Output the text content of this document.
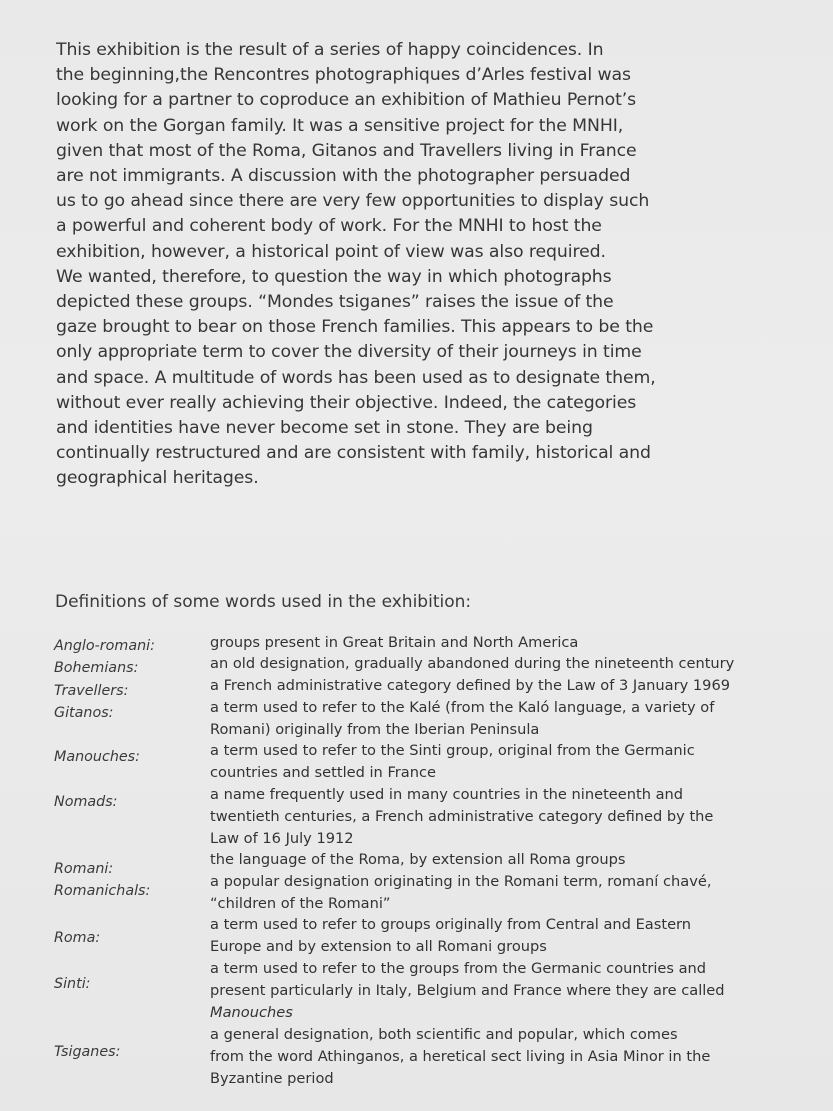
This exhibition is the result of a series of happy coincidences. In
the beginning,the Rencontres photographiques d’Arles festival was
looking for a partner to coproduce an exhibition of Mathieu Pernot’s
work on the Gorgan family. It was a sensitive project for the MNHI,
given that most of the Roma, Gitanos and Travellers living in France
are not immigrants. A discussion with the photographer persuaded
us to go ahead since there are very few opportunities to display such
a powerful and coherent body of work. For the MNHI to host the
exhibition, however, a historical point of view was also required.
We wanted, therefore, to question the way in which photographs
depicted these groups. “Mondes tsiganes” raises the issue of the
gaze brought to bear on those French families. This appears to be the
only appropriate term to cover the diversity of their journeys in time
and space. A multitude of words has been used as to designate them,
without ever really achieving their objective. Indeed, the categories
and identities have never become set in stone. They are being
continually restructured and are consistent with family, historical and
geographical heritages.
Definitions of some words used in the exhibition:
Anglo-romani:	groups present in Great Britain and North America
Bohemians:	an old designation, gradually abandoned during the nineteenth century
Travellers:	a French administrative category defined by the Law of 3 January 1969
Gitanos:	a term used to refer to the Kalé (from the Kaló language, a variety of
Romani) originally from the Iberian Peninsula
Manouches:	a term used to refer to the Sinti group, original from the Germanic
countries and settled in France
Nomads:	a name frequently used in many countries in the nineteenth and
twentieth centuries, a French administrative category defined by the
Law of 16 July 1912
Romani:
the language of the Roma, by extension all Roma groups
Romanichals:
a popular designation originating in the Romani term, romaní chavé,
“children of the Romani”
Roma:
a term used to refer to groups originally from Central and Eastern
Europe and by extension to all Romani groups
Sinti:
a term used to refer to the groups from the Germanic countries and
present particularly in Italy, Belgium and France where they are called
Manouches
Tsiganes:
a general designation, both scientific and popular, which comes
from the word Athinganos, a heretical sect living in Asia Minor in the
Byzantine period
